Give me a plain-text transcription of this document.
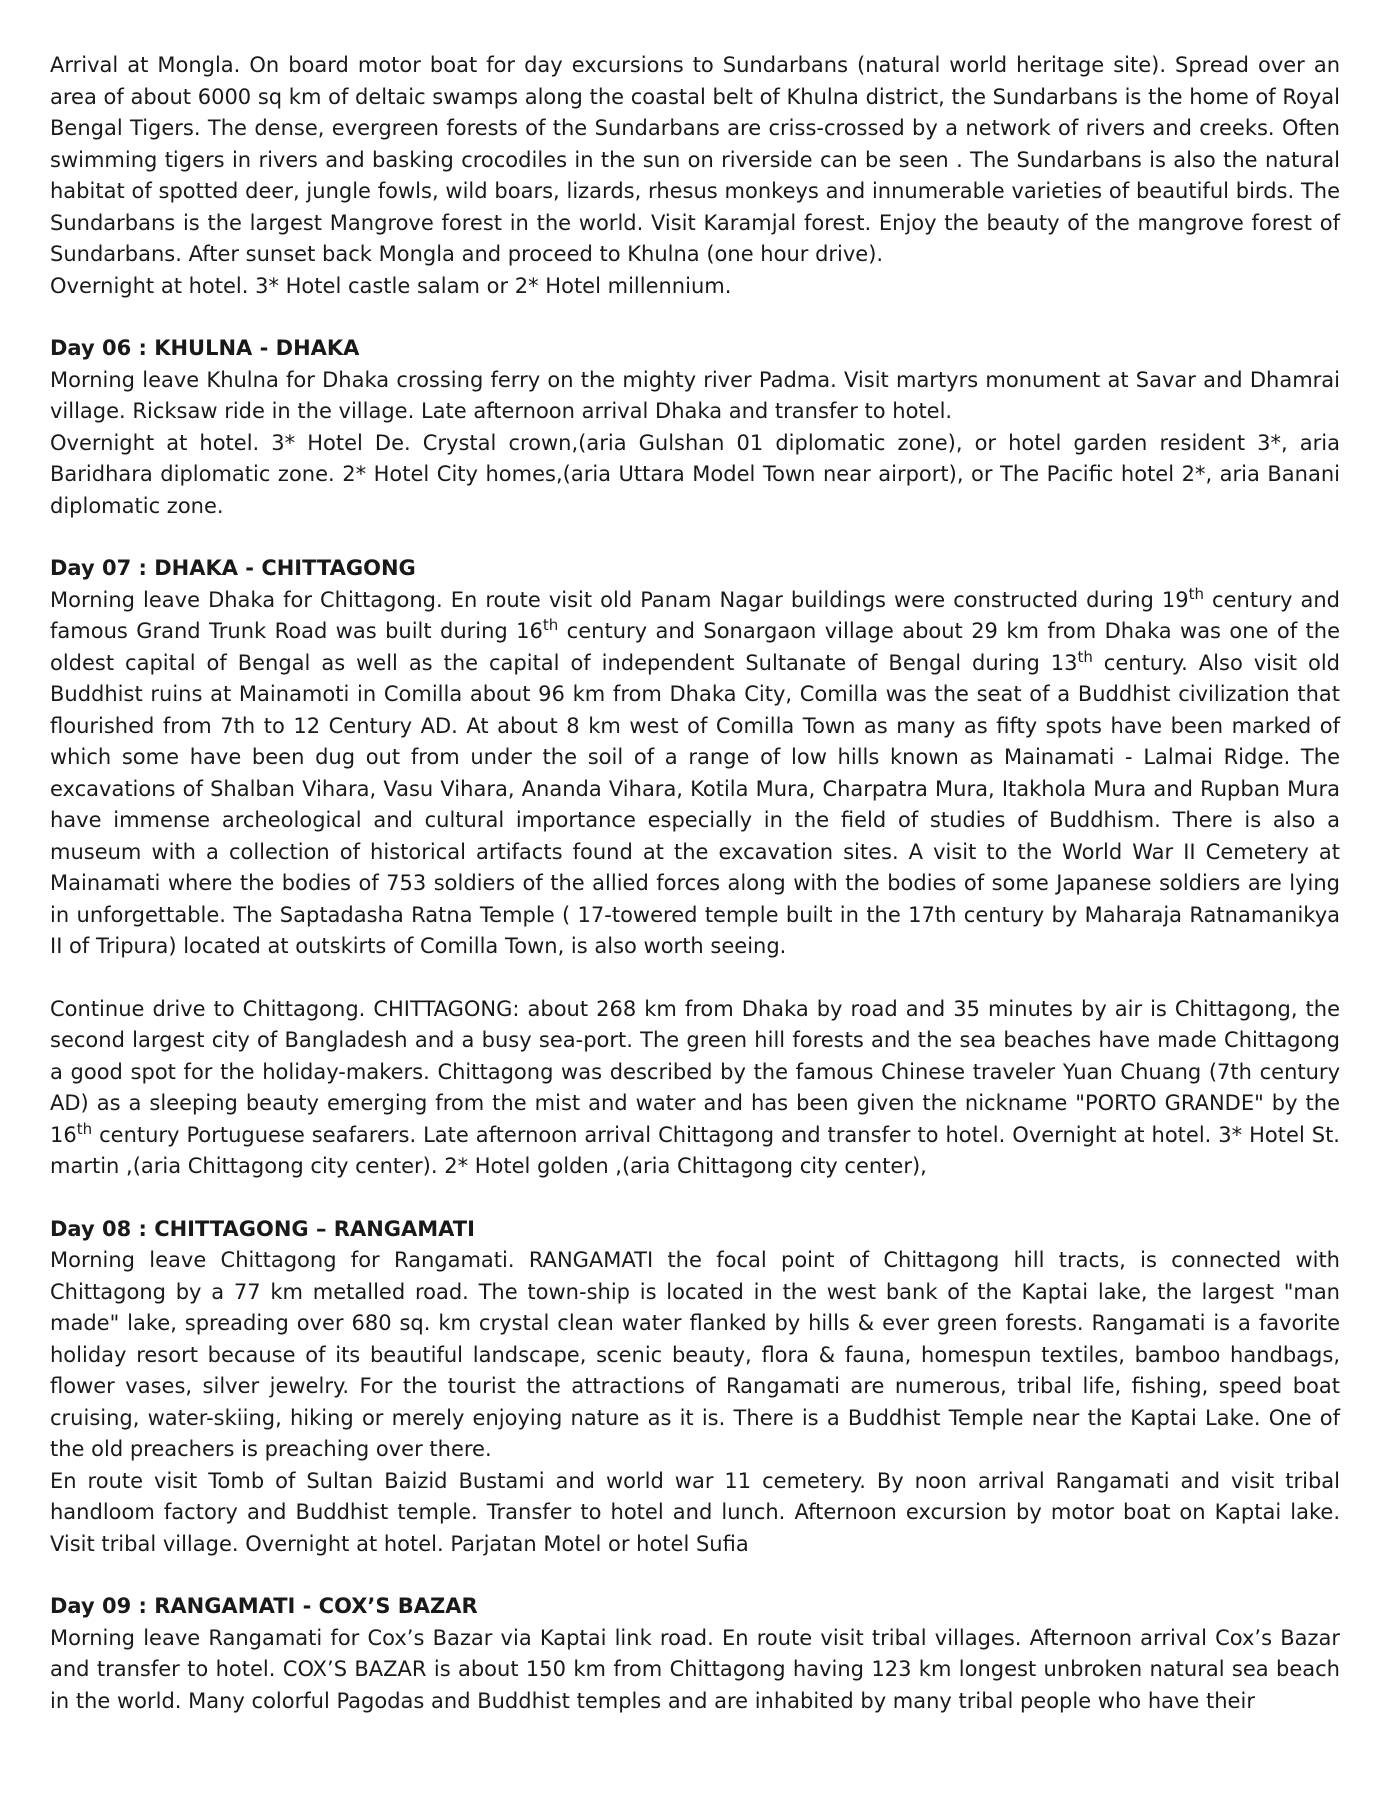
Arrival at Mongla. On board motor boat for day excursions to Sundarbans (natural world heritage site). Spread over an area of about 6000 sq km of deltaic swamps along the coastal belt of Khulna district, the Sundarbans is the home of Royal Bengal Tigers. The dense, evergreen forests of the Sundarbans are criss-crossed by a network of rivers and creeks. Often swimming tigers in rivers and basking crocodiles in the sun on riverside can be seen . The Sundarbans is also the natural habitat of spotted deer, jungle fowls, wild boars, lizards, rhesus monkeys and innumerable varieties of beautiful birds. The Sundarbans is the largest Mangrove forest in the world. Visit Karamjal forest. Enjoy the beauty of the mangrove forest of Sundarbans. After sunset back Mongla and proceed to Khulna (one hour drive).

Overnight at hotel. 3* Hotel castle salam or 2* Hotel millennium.

Day 06 : KHULNA - DHAKA

Morning leave Khulna for Dhaka crossing ferry on the mighty river Padma. Visit martyrs monument at Savar and Dhamrai village. Ricksaw ride in the village. Late afternoon arrival Dhaka and transfer to hotel.

Overnight at hotel. 3* Hotel De. Crystal crown,(aria Gulshan 01 diplomatic zone), or hotel garden resident 3*, aria Baridhara diplomatic zone. 2* Hotel City homes,(aria Uttara Model Town near airport), or The Pacific hotel 2*, aria Banani diplomatic zone.

Day 07 : DHAKA - CHITTAGONG

Morning leave Dhaka for Chittagong. En route visit old Panam Nagar buildings were constructed during 19th century and famous Grand Trunk Road was built during 16th century and Sonargaon village about 29 km from Dhaka was one of the oldest capital of Bengal as well as the capital of independent Sultanate of Bengal during 13th century. Also visit old Buddhist ruins at Mainamoti in Comilla about 96 km from Dhaka City, Comilla was the seat of a Buddhist civilization that flourished from 7th to 12 Century AD. At about 8 km west of Comilla Town as many as fifty spots have been marked of which some have been dug out from under the soil of a range of low hills known as Mainamati - Lalmai Ridge. The excavations of Shalban Vihara, Vasu Vihara, Ananda Vihara, Kotila Mura, Charpatra Mura, Itakhola Mura and Rupban Mura have immense archeological and cultural importance especially in the field of studies of Buddhism. There is also a museum with a collection of historical artifacts found at the excavation sites. A visit to the World War II Cemetery at Mainamati where the bodies of 753 soldiers of the allied forces along with the bodies of some Japanese soldiers are lying in unforgettable. The Saptadasha Ratna Temple ( 17-towered temple built in the 17th century by Maharaja Ratnamanikya II of Tripura) located at outskirts of Comilla Town, is also worth seeing.

Continue drive to Chittagong. CHITTAGONG: about 268 km from Dhaka by road and 35 minutes by air is Chittagong, the second largest city of Bangladesh and a busy sea-port. The green hill forests and the sea beaches have made Chittagong a good spot for the holiday-makers. Chittagong was described by the famous Chinese traveler Yuan Chuang (7th century AD) as a sleeping beauty emerging from the mist and water and has been given the nickname "PORTO GRANDE" by the 16th century Portuguese seafarers. Late afternoon arrival Chittagong and transfer to hotel. Overnight at hotel. 3* Hotel St. martin ,(aria Chittagong city center). 2* Hotel golden ,(aria Chittagong city center),

Day 08 : CHITTAGONG – RANGAMATI

Morning leave Chittagong for Rangamati. RANGAMATI the focal point of Chittagong hill tracts, is connected with Chittagong by a 77 km metalled road. The town-ship is located in the west bank of the Kaptai lake, the largest "man made" lake, spreading over 680 sq. km crystal clean water flanked by hills & ever green forests. Rangamati is a favorite holiday resort because of its beautiful landscape, scenic beauty, flora & fauna, homespun textiles, bamboo handbags, flower vases, silver jewelry. For the tourist the attractions of Rangamati are numerous, tribal life, fishing, speed boat cruising, water-skiing, hiking or merely enjoying nature as it is. There is a Buddhist Temple near the Kaptai Lake. One of the old preachers is preaching over there.

En route visit Tomb of Sultan Baizid Bustami and world war 11 cemetery. By noon arrival Rangamati and visit tribal handloom factory and Buddhist temple. Transfer to hotel and lunch. Afternoon excursion by motor boat on Kaptai lake. Visit tribal village. Overnight at hotel. Parjatan Motel or hotel Sufia

Day 09 : RANGAMATI - COX’S BAZAR

Morning leave Rangamati for Cox’s Bazar via Kaptai link road. En route visit tribal villages. Afternoon arrival Cox’s Bazar and transfer to hotel. COX’S BAZAR is about 150 km from Chittagong having 123 km longest unbroken natural sea beach in the world. Many colorful Pagodas and Buddhist temples and are inhabited by many tribal people who have their
